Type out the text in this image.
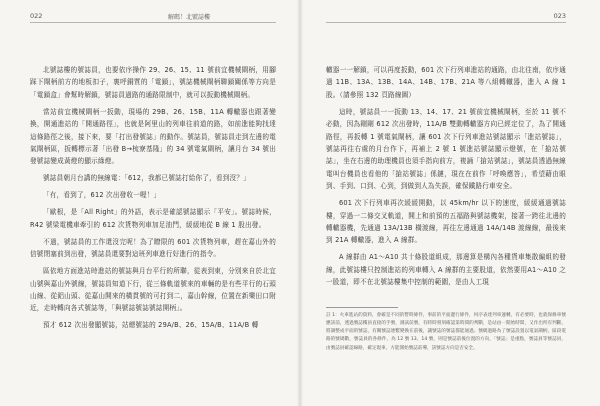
022	解碼！北號誌樓

北號誌樓的號誌員，也要依序操作 29、26、15、11 號前宜機械閘柄，用腳踩下閘柄前方的地板扣子，裏呼銅質的「電鎖」，號誌機械閘柄聯鎖關係等方向是「電鎖盒」會幫時解鎖，號誌員過路的通路限制中，就可以扳動機械閘柄。

當站前宜機械閘柄一扳動，現場的 29B、26、15B、11A 轉轍器也跟著變換，開通進站的「開通路徑」，也就是阿里山的列車往前道的路，如前進能夠找達這條路徑之後，接下來，要「打出發號誌」的動作。號誌員，號誌員走到左邊的電氣閘柄區，扳轉標示著「出發 B→梳寮基隆」的 34 號電氣閘柄，讓月台 34 號出發號誌變成黃燈的顯示綠燈。

號誌員朝月台講的無線電：「612，我都已號誌打給你了，看到沒？」

「有，看到了，612 次出發收一喔！」

「歐根，是「All Right」的外語，表示是確認號誌顯示「平安」。號誌時候，R42 號梁電機車牽引的 612 次貨物列車加足油門，緩緩地從 B 線 1 股出發。

不過，號誌員的工作還沒完呢！為了瞭限的 601 次貨物列車，趕在嘉山外的信號閉塞前到出發，號誌員還要對這班列車進行好進行的指令。

區依地方面進站時進站的號誌與月台平行的所聯，從表到東，分別來自於北宜山號與嘉山外號線，號誌員知道下行，從三條軌道號來的車輛的是有些平行的石頭山線、從鋁山頭、從嘉山開來的橫貫號的可打到二，嘉山幹線，位置在新樂田口附近，走時轉向各式號誌等，「與號誌號誌號誌開柄」。

預才 612 次出發顯號誌，站總號誌的 29A/B、26、15A/B、11A/B 轉

023

轍器一一解鎖，可以再度扳動，601 次下行列車進站的通路，由北往南，依序通過 11B、13A、13B、14A、14B、17B、21A 等八組轉轍器，進入 A 線 1 股。（請參照 132 頁路線圖）

這時，號誌員一一扳動 13、14、17、21 號前宜機械閘柄，至於 11 號不必動，因為剛剛 612 次出發時，11A/B 雙動轉轍器方向已經定位了，為了開通路徑，再扳轉 1 號電氣閘柄，讓 601 次下行列車進站號誌顯示「進站號誌」，號誌再往右處的月台作下，再補上 2 號 1 號進站號誌顯示燈號，在「搶站號誌」，坐在右邊的助理機員也須手指向前方，複誦「搶站號誌」，號誌員透過無線電叫台機員也看他的「搶站號誌」係鏈，現在在前作「呼喚應答」，希望藉由眼到、手到、口到、心到，到做到人為失誤，確保鐵路行車安全。

601 次下行列車再次緩緩開動，以 45km/hr 以下的速度，緩緩通過號誌樓，穿過一二條交叉軌道，開上和前預的五福路與號誌機架，接著一跨往北邊的轉轍器機，先通過 13A/13B 橫渡線，再往左邊通過 14A/14B 渡線線，最後來到 21A 轉轍器，進入 A 線群。

A 線群由 A1～A10 共十條股道組成，那邊算是構內各種貨車集散編組的發線，此號誌樓只控制進站的列車轉入 A 線群的主要股道，依然要用A1～A10 之一股道，即不在北號誌樓集中控制的範圍，是由人工現

註 1：火車進站的資料，會確是不同的暫時條件，事前的平面邊行條件，何序表達列車運轉，有必要時，也就保修車號應該前，透過號誌樓員直接的手號，測試前號，有時時刻刻確認第時間的判斷，是站由一開始時間，又作出所有判斷。將調整成平面的號誌，有關號誌連繫變換在前後，讓號誌的號誌都能通過。號碼過路為了號誌設置以電氣閘柄，區段電路的號碼數，號誌員的各條件，為 12 號 13、14 號，則是號誌前後位置的方向，「號誌」是重點，號誌員等號誌員，由號誌員確認線路，確定現車，方能開始號誌前導，該號誌方向是否安全。
